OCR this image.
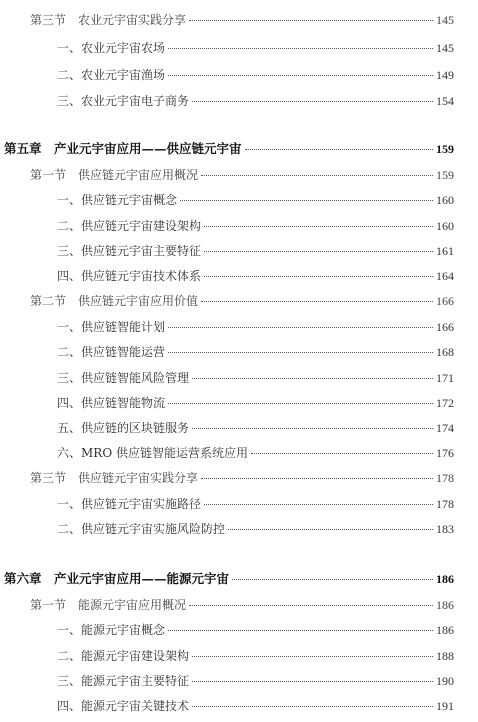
第三节　农业元宇宙实践分享	145
一、农业元宇宙农场	145
二、农业元宇宙渔场	149
三、农业元宇宙电子商务	154
第五章　产业元宇宙应用——供应链元宇宙	159
第一节　供应链元宇宙应用概况	159
一、供应链元宇宙概念	160
二、供应链元宇宙建设架构	160
三、供应链元宇宙主要特征	161
四、供应链元宇宙技术体系	164
第二节　供应链元宇宙应用价值	166
一、供应链智能计划	166
二、供应链智能运营	168
三、供应链智能风险管理	171
四、供应链智能物流	172
五、供应链的区块链服务	174
六、MRO 供应链智能运营系统应用	176
第三节　供应链元宇宙实践分享	178
一、供应链元宇宙实施路径	178
二、供应链元宇宙实施风险防控	183
第六章　产业元宇宙应用——能源元宇宙	186
第一节　能源元宇宙应用概况	186
一、能源元宇宙概念	186
二、能源元宇宙建设架构	188
三、能源元宇宙主要特征	190
四、能源元宇宙关键技术	191
